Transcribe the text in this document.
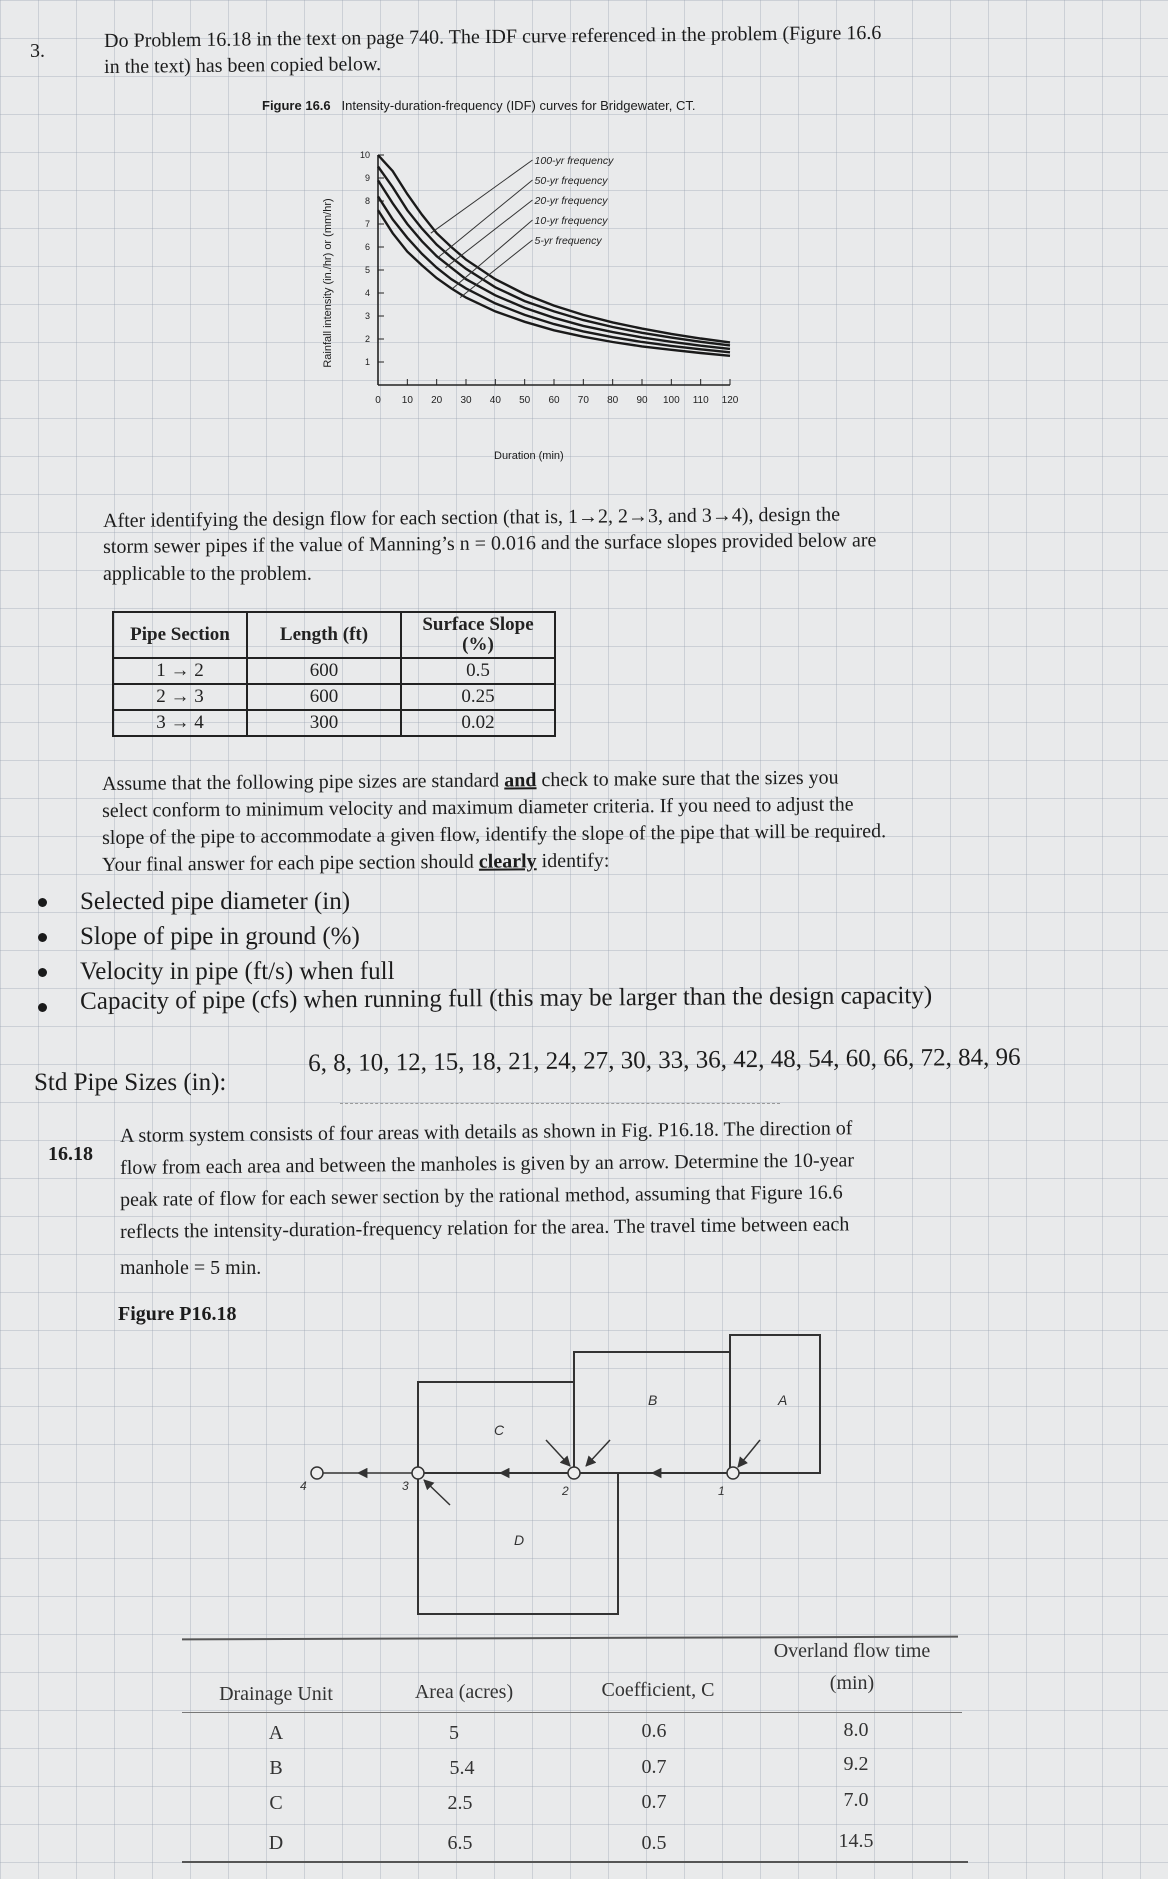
3.	Do Problem 16.18 in the text on page 740. The IDF curve referenced in the problem (Figure 16.6
in the text) has been copied below.
Figure 16.6 Intensity-duration-frequency (IDF) curves for Bridgewater, CT.
0 10 20 30 40 50 60 70 80 90 100 110 120
1
2
3
4
5
6
7
8
9
10	100-yr frequency
50-yr frequency
20-yr frequency
10-yr frequency
5-yr frequency
Rainfall intensity (in./hr) or (mm/hr)
Duration (min)
After identifying the design flow for each section (that is, 1→2, 2→3, and 3→4), design the
storm sewer pipes if the value of Manning’s n = 0.016 and the surface slopes provided below are
applicable to the problem.
Pipe Section	Length (ft)	Surface Slope (%)
1 → 2	600	0.5
2 → 3	600	0.25
3 → 4	300	0.02
Assume that the following pipe sizes are standard and check to make sure that the sizes you
select conform to minimum velocity and maximum diameter criteria. If you need to adjust the
slope of the pipe to accommodate a given flow, identify the slope of the pipe that will be required.
Your final answer for each pipe section should clearly identify:
Selected pipe diameter (in)
Slope of pipe in ground (%)
Velocity in pipe (ft/s) when full
Capacity of pipe (cfs) when running full (this may be larger than the design capacity)
Std Pipe Sizes (in):
6, 8, 10, 12, 15, 18, 21, 24, 27, 30, 33, 36, 42, 48, 54, 60, 66, 72, 84, 96
16.18
A storm system consists of four areas with details as shown in Fig. P16.18. The direction of
flow from each area and between the manholes is given by an arrow. Determine the 10-year
peak rate of flow for each sewer section by the rational method, assuming that Figure 16.6
reflects the intensity-duration-frequency relation for the area. The travel time between each
manhole = 5 min.
Figure P16.18
A
B
C
D
1
2
3
4
Overland flow time
Drainage Unit	Area (acres)	Coefficient, C	(min)
A	5	0.6	8.0
B	5.4	0.7	9.2
C	2.5	0.7	7.0
D	6.5	0.5	14.5
